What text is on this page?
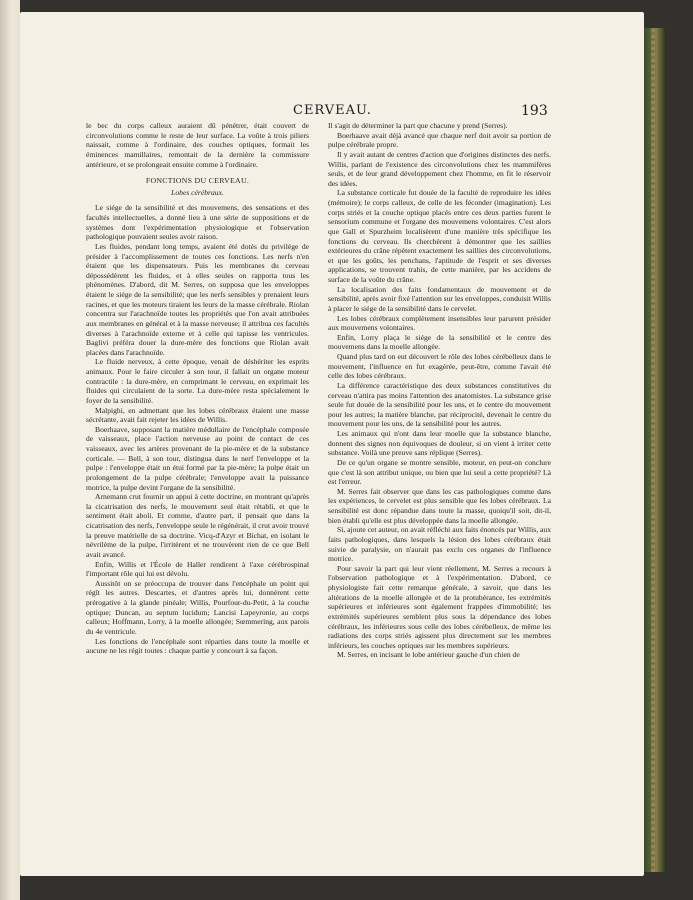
CERVEAU.	193

le bec du corps calleux auraient dû pénétrer, était couvert de circonvolutions comme le reste de leur surface. La voûte à trois piliers naissait, comme à l'ordinaire, des couches optiques, formait les éminences mamillaires, remontait de la dernière la commissure antérieure, et se prolongeait ensuite comme à l'ordinaire.

FONCTIONS DU CERVEAU.
Lobes cérébraux.

Le siége de la sensibilité et des mouvemens, des sensations et des facultés intellectuelles, a donné lieu à une série de suppositions et de systèmes dont l'expérimentation physiologique et l'observation pathologique pouvaient seules avoir raison.

Les fluides, pendant long temps, avaient été dotés du privilége de présider à l'accomplissement de toutes ces fonctions. Les nerfs n'en étaient que les dispensateurs. Puis les membranes du cerveau dépossédèrent les fluides, et à elles seules on rapporta tous les phénomènes. D'abord, dit M. Serres, on supposa que les enveloppes étaient le siége de la sensibilité; que les nerfs sensibles y prenaient leurs racines, et que les moteurs tiraient les leurs de la masse cérébrale. Riolan concentra sur l'arachnoïde toutes les propriétés que l'on avait attribuées aux membranes en général et à la masse nerveuse; il attribua ces facultés diverses à l'arachnoïde externe et à celle qui tapisse les ventricules. Baglivi préféra douer la dure-mère des fonctions que Riolan avait placées dans l'arachnoïde.

Le fluide nerveux, à cette époque, venait de déshériter les esprits animaux. Pour le faire circuler à son tour, il fallait un organe moteur contractile : la dure-mère, en comprimant le cerveau, en exprimait les fluides qui circulaient de la sorte. La dure-mère resta spécialement le foyer de la sensibilité.

Malpighi, en admettant que les lobes cérébraux étaient une masse sécrétante, avait fait rejeter les idées de Willis.

Boerhaave, supposant la matière médullaire de l'encéphale composée de vaisseaux, place l'action nerveuse au point de contact de ces vaisseaux, avec les artères provenant de la pie-mère et de la substance corticale. — Bell, à son tour, distingua dans le nerf l'enveloppe et la pulpe : l'enveloppe était un étui formé par la pie-mère; la pulpe était un prolongement de la pulpe cérébrale; l'enveloppe avait la puissance motrice, la pulpe devint l'organe de la sensibilité.

Arnemann crut fournir un appui à cette doctrine, en montrant qu'après la cicatrisation des nerfs, le mouvement seul était rétabli, et que le sentiment était aboli. Et comme, d'autre part, il pensait que dans la cicatrisation des nerfs, l'enveloppe seule le régénérait, il crut avoir trouvé la preuve matérielle de sa doctrine. Vicq-d'Azyr et Bichat, en isolant le névrilème de la pulpe, l'irritèrent et ne trouvèrent rien de ce que Bell avait avancé.

Enfin, Willis et l'École de Haller rendirent à l'axe cérébrospinal l'important rôle qui lui est dévolu.

Aussitôt on se préoccupa de trouver dans l'encéphale un point qui régît les autres. Descartes, et d'autres après lui, donnèrent cette prérogative à la glande pinéale; Willis, Pourfour-du-Petit, à la couche optique; Duncan, au septum lucidum; Lancisi Lapeyronie, au corps calleux; Hoffmann, Lorry, à la moelle allongée; Sœmmering, aux parois du 4e ventricule.

Les fonctions de l'encéphale sont réparties dans toute la moelle et aucune ne les régit toutes : chaque partie y concourt à sa façon.

Il s'agit de déterminer la part que chacune y prend (Serres).

Boerhaave avait déjà avancé que chaque nerf doit avoir sa portion de pulpe cérébrale propre.

Il y avait autant de centres d'action que d'origines distinctes des nerfs. Willis, parlant de l'existence des circonvolutions chez les mammifères seuls, et de leur grand développement chez l'homme, en fit le réservoir des idées.

La substance corticale fut douée de la faculté de reproduire les idées (mémoire); le corps calleux, de celle de les féconder (imagination). Les corps striés et la couche optique placés entre ces deux parties furent le sensorium commune et l'organe des mouvemens volontaires. C'est alors que Gall et Spurzheim localisèrent d'une manière très spécifique les fonctions du cerveau. Ils cherchèrent à démontrer que les saillies extérieures du crâne répètent exactement les saillies des circonvolutions, et que les goûts, les penchans, l'aptitude de l'esprit et ses diverses applications, se trouvent trahis, de cette manière, par les accidens de surface de la voûte du crâne.

La localisation des faits fondamentaux de mouvement et de sensibilité, après avoir fixé l'attention sur les enveloppes, conduisit Willis à placer le siége de la sensibilité dans le cervelet.

Les lobes cérébraux complètement insensibles leur parurent présider aux mouvemens volontaires.

Enfin, Lorry plaça le siége de la sensibilité et le centre des mouvemens dans la moelle allongée.

Quand plus tard on eut découvert le rôle des lobes cérébelleux dans le mouvement, l'influence en fut exagérée, peut-être, comme l'avait été celle des lobes cérébraux.

La différence caractéristique des deux substances constitutives du cerveau n'attira pas moins l'attention des anatomistes. La substance grise seule fut douée de la sensibilité pour les uns, et le centre du mouvement pour les autres; la matière blanche, par réciprocité, devenait le centre du mouvement pour les uns, de la sensibilité pour les autres.

Les animaux qui n'ont dans leur moelle que la substance blanche, donnent des signes non équivoques de douleur, si on vient à irriter cette substance. Voilà une preuve sans réplique (Serres).

De ce qu'un organe se montre sensible, moteur, en peut-on conclure que c'est là son attribut unique, ou bien que lui seul a cette propriété? Là est l'erreur.

M. Serres fait observer que dans les cas pathologiques comme dans les expériences, le cervelet est plus sensible que les lobes cérébraux. La sensibilité est donc répandue dans toute la masse, quoiqu'il soit, dit-il, bien établi qu'elle est plus développée dans la moelle allongée.

Si, ajoute cet auteur, on avait réfléchi aux faits énoncés par Willis, aux faits pathologiques, dans lesquels la lésion des lobes cérébraux était suivie de paralysie, on n'aurait pas exclu ces organes de l'influence motrice.

Pour savoir la part qui leur vient réellement, M. Serres a recours à l'observation pathologique et à l'expérimentation. D'abord, ce physiologiste fait cette remarque générale, à savoir, que dans les altérations de la moelle allongée et de la protubérance, les extrémités supérieures et inférieures sont également frappées d'immobilité; les extrémités supérieures semblent plus sous la dépendance des lobes cérébraux, les inférieures sous celle des lobes cérébelleux, de même les radiations des corps striés agissent plus directement sur les membres inférieurs, les couches optiques sur les membres supérieurs.

M. Serres, en incisant le lobe antérieur gauche d'un chien de
